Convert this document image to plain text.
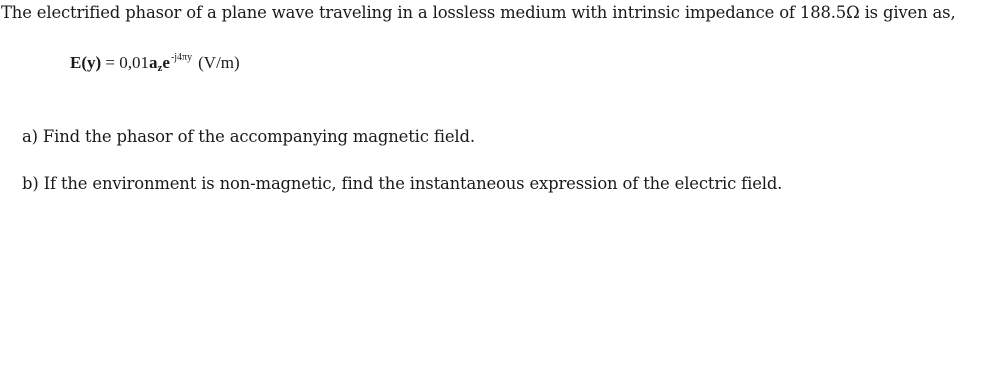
The electrified phasor of a plane wave traveling in a lossless medium with intrinsic impedance of 188.5Ω is given as,
$E(y) = 0,01a_ze^{-j4\pi y}$ (V/m)
a) Find the phasor of the accompanying magnetic field.
b) If the environment is non-magnetic, find the instantaneous expression of the electric field.
